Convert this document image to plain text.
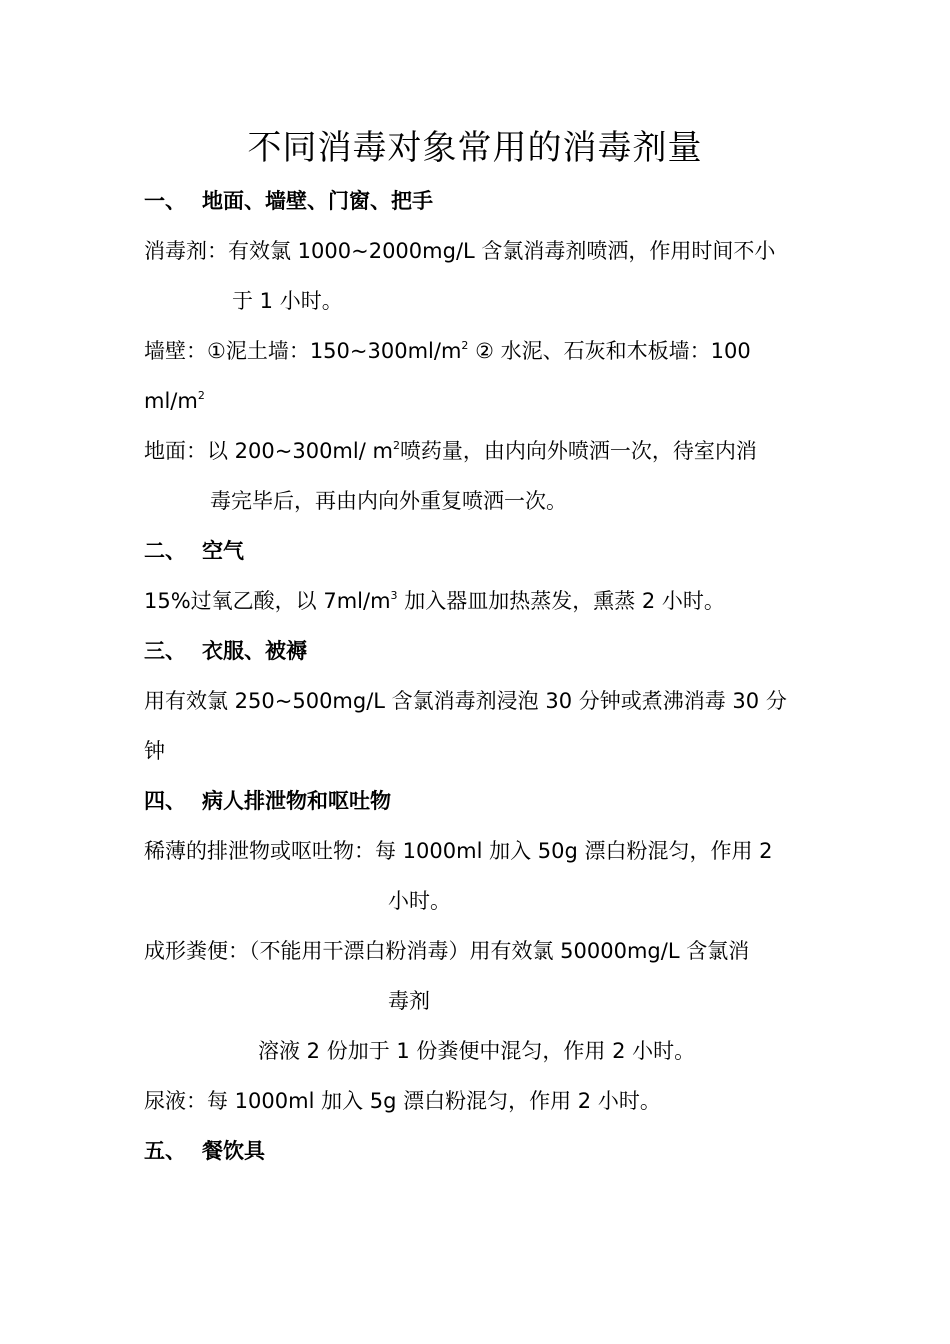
不同消毒对象常用的消毒剂量
一、 地面、墙壁、门窗、把手
消毒剂：有效氯 1000~2000mg/L 含氯消毒剂喷洒，作用时间不小
于 1 小时。
墙壁：①泥土墙：$150\sim 300ml/m^2$ ② 水泥、石灰和木板墙：100
$ml/m^2$
地面：以 200~300ml/ $m^2$喷药量，由内向外喷洒一次，待室内消
毒完毕后，再由内向外重复喷洒一次。
二、 空气
15%过氧乙酸，以 $7ml/m^3$ 加入器皿加热蒸发，熏蒸 2 小时。
三、 衣服、被褥
用有效氯 250~500mg/L 含氯消毒剂浸泡 30 分钟或煮沸消毒 30 分
钟
四、 病人排泄物和呕吐物
稀薄的排泄物或呕吐物：每 1000ml 加入 50g 漂白粉混匀，作用 2
小时。
成形粪便：（不能用干漂白粉消毒）用有效氯 50000mg/L 含氯消
毒剂
溶液 2 份加于 1 份粪便中混匀，作用 2 小时。
尿液：每 1000ml 加入 5g 漂白粉混匀，作用 2 小时。
五、 餐饮具
